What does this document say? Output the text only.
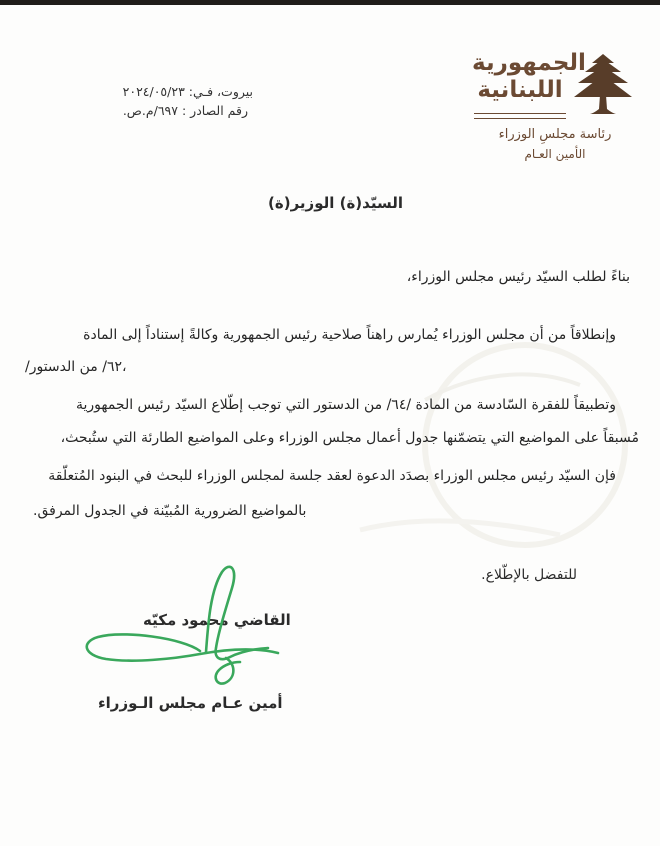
الجمهورية
اللبنانية
رئاسة مجلسِ الوزراء
الأمين العـام
بيروت، فـي: ٢٠٢٤/٠٥/٢٣
رقم الصادر : ٦٩٧/م.ص.
السيّد(ة) الوزير(ة)
بناءً لطلب السيّد رئيس مجلس الوزراء،
وإنطلاقاً من أن مجلس الوزراء يُمارس راهناً صلاحية رئيس الجمهورية وكالةً إستناداً إلى المادة
/٦٢/ من الدستور،
وتطبيقاً للفقرة السّادسة من المادة /٦٤/ من الدستور التي توجب إطّلاع السيّد رئيس الجمهورية
مُسبقاً على المواضيع التي يتضمّنها جدول أعمال مجلس الوزراء وعلى المواضيع الطارئة التي ستُبحث،
فإن السيّد رئيس مجلس الوزراء بصدَد الدعوة لعقد جلسة لمجلس الوزراء للبحث في البنود المُتعلّقة
بالمواضيع الضرورية المُبيّنة في الجدول المرفق.
للتفضل بالإطّلاع.
القاضي محمود مكيّه
أمين عـام مجلس الـوزراء
